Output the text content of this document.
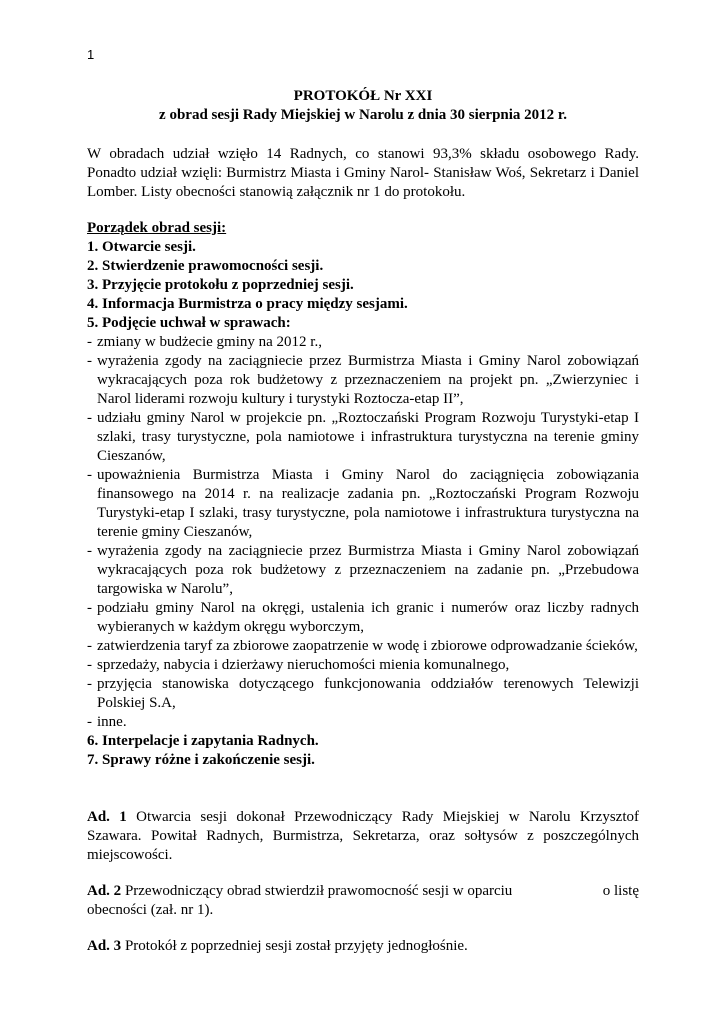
1

PROTOKÓŁ Nr XXI

z obrad sesji Rady Miejskiej w Narolu z dnia 30 sierpnia 2012 r.

W obradach udział wzięło 14 Radnych, co stanowi 93,3% składu osobowego Rady. Ponadto udział wzięli: Burmistrz Miasta i Gminy Narol- Stanisław Woś, Sekretarz i Daniel Lomber. Listy obecności stanowią załącznik nr 1 do protokołu.

Porządek obrad sesji:

1. Otwarcie sesji.

2. Stwierdzenie prawomocności sesji.

3. Przyjęcie protokołu z poprzedniej sesji.

4. Informacja Burmistrza o pracy między sesjami.

5. Podjęcie uchwał w sprawach:

- zmiany w budżecie gminy na 2012 r.,
- wyrażenia zgody na zaciągniecie przez Burmistrza Miasta i Gminy Narol zobowiązań wykracających poza rok budżetowy z przeznaczeniem na projekt pn. „Zwierzyniec i Narol liderami rozwoju kultury i turystyki Roztocza-etap II”,
- udziału gminy Narol w projekcie pn. „Roztoczański Program Rozwoju Turystyki-etap I szlaki, trasy turystyczne, pola namiotowe i infrastruktura turystyczna na terenie gminy Cieszanów,
- upoważnienia Burmistrza Miasta i Gminy Narol do zaciągnięcia zobowiązania finansowego na 2014 r. na realizacje zadania pn. „Roztoczański Program Rozwoju Turystyki-etap I szlaki, trasy turystyczne, pola namiotowe i infrastruktura turystyczna na terenie gminy Cieszanów,
- wyrażenia zgody na zaciągniecie przez Burmistrza Miasta i Gminy Narol zobowiązań wykracających poza rok budżetowy z przeznaczeniem na zadanie pn. „Przebudowa targowiska w Narolu”,
- podziału gminy Narol na okręgi, ustalenia ich granic i numerów oraz liczby radnych wybieranych w każdym okręgu wyborczym,
- zatwierdzenia taryf za zbiorowe zaopatrzenie w wodę i zbiorowe odprowadzanie ścieków,
- sprzedaży, nabycia i dzierżawy nieruchomości mienia komunalnego,
- przyjęcia stanowiska dotyczącego funkcjonowania oddziałów terenowych Telewizji Polskiej S.A,
- inne.

6. Interpelacje i zapytania Radnych.

7. Sprawy różne i zakończenie sesji.

Ad. 1 Otwarcia sesji dokonał Przewodniczący Rady Miejskiej w Narolu Krzysztof Szawara. Powitał Radnych, Burmistrza, Sekretarza, oraz sołtysów z poszczególnych miejscowości.

Ad. 2 Przewodniczący obrad stwierdził prawomocność sesji w oparciu	o listę
obecności (zał. nr 1).

Ad. 3 Protokół z poprzedniej sesji został przyjęty jednogłośnie.
